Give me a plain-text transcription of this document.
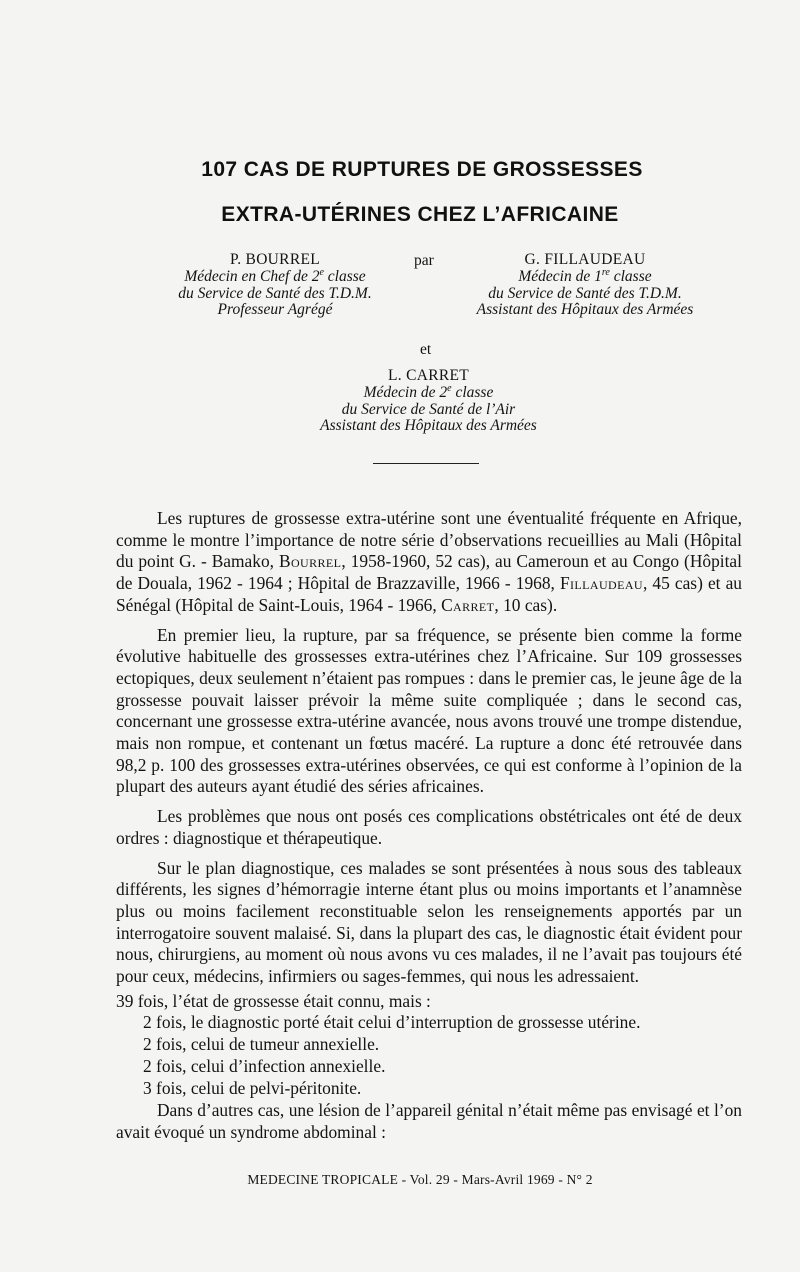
107 CAS DE RUPTURES DE GROSSESSES
EXTRA-UTÉRINES CHEZ L’AFRICAINE
P. BOURREL
Médecin en Chef de 2e classe
du Service de Santé des T.D.M.
Professeur Agrégé
par	G. FILLAUDEAU
Médecin de 1re classe
du Service de Santé des T.D.M.
Assistant des Hôpitaux des Armées
et
L. CARRET
Médecin de 2e classe
du Service de Santé de l’Air
Assistant des Hôpitaux des Armées

Les ruptures de grossesse extra-utérine sont une éventualité fréquente en Afrique, comme le montre l’importance de notre série d’observations recueillies au Mali (Hôpital du point G. - Bamako, Bourrel, 1958-1960, 52 cas), au Cameroun et au Congo (Hôpital de Douala, 1962 - 1964 ; Hôpital de Brazzaville, 1966 - 1968, Fillaudeau, 45 cas) et au Sénégal (Hôpital de Saint-Louis, 1964 - 1966, Carret, 10 cas).

En premier lieu, la rupture, par sa fréquence, se présente bien comme la forme évolutive habituelle des grossesses extra-utérines chez l’Africaine. Sur 109 grossesses ectopiques, deux seulement n’étaient pas rompues : dans le premier cas, le jeune âge de la grossesse pouvait laisser prévoir la même suite compliquée ; dans le second cas, concernant une grossesse extra-utérine avancée, nous avons trouvé une trompe distendue, mais non rompue, et contenant un fœtus macéré. La rupture a donc été retrouvée dans 98,2 p. 100 des grossesses extra-utérines observées, ce qui est conforme à l’opinion de la plupart des auteurs ayant étudié des séries africaines.

Les problèmes que nous ont posés ces complications obstétricales ont été de deux ordres : diagnostique et thérapeutique.

Sur le plan diagnostique, ces malades se sont présentées à nous sous des tableaux différents, les signes d’hémorragie interne étant plus ou moins importants et l’anamnèse plus ou moins facilement reconstituable selon les renseignements apportés par un interrogatoire souvent malaisé. Si, dans la plupart des cas, le diagnostic était évident pour nous, chirurgiens, au moment où nous avons vu ces malades, il ne l’avait pas toujours été pour ceux, médecins, infirmiers ou sages-femmes, qui nous les adressaient.

39 fois, l’état de grossesse était connu, mais :

2 fois, le diagnostic porté était celui d’interruption de grossesse utérine.
2 fois, celui de tumeur annexielle.
2 fois, celui d’infection annexielle.
3 fois, celui de pelvi-péritonite.

Dans d’autres cas, une lésion de l’appareil génital n’était même pas envisagé et l’on avait évoqué un syndrome abdominal :

MEDECINE TROPICALE - Vol. 29 - Mars-Avril 1969 - N° 2
